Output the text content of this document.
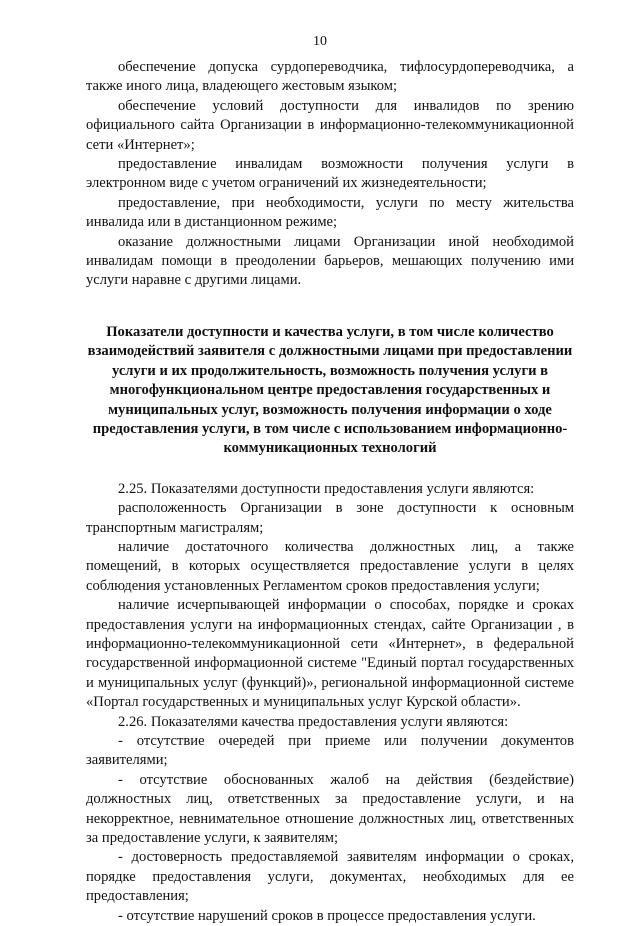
10

обеспечение допуска сурдопереводчика, тифлосурдопереводчика, а также иного лица, владеющего жестовым языком;

обеспечение условий доступности для инвалидов по зрению официального сайта Организации в информационно-телекоммуникационной сети «Интернет»;

предоставление инвалидам возможности получения услуги в электронном виде с учетом ограничений их жизнедеятельности;

предоставление, при необходимости, услуги по месту жительства инвалида или в дистанционном режиме;

оказание должностными лицами Организации иной необходимой инвалидам помощи в преодолении барьеров, мешающих получению ими услуги наравне с другими лицами.

Показатели доступности и качества услуги, в том числе количество взаимодействий заявителя с должностными лицами при предоставлении услуги и их продолжительность, возможность получения услуги в многофункциональном центре предоставления государственных и муниципальных услуг, возможность получения информации о ходе предоставления услуги, в том числе с использованием информационно-коммуникационных технологий

2.25. Показателями доступности предоставления услуги являются:

расположенность Организации в зоне доступности к основным транспортным магистралям;

наличие достаточного количества должностных лиц, а также помещений, в которых осуществляется предоставление услуги в целях соблюдения установленных Регламентом сроков предоставления услуги;

наличие исчерпывающей информации о способах, порядке и сроках предоставления услуги на информационных стендах, сайте Организации , в информационно-телекоммуникационной сети «Интернет», в федеральной государственной информационной системе "Единый портал государственных и муниципальных услуг (функций)», региональной информационной системе «Портал государственных и муниципальных услуг Курской области».

2.26. Показателями качества предоставления услуги являются:

- отсутствие очередей при приеме или получении документов заявителями;

- отсутствие обоснованных жалоб на действия (бездействие) должностных лиц, ответственных за предоставление услуги, и на некорректное, невнимательное отношение должностных лиц, ответственных за предоставление услуги, к заявителям;

- достоверность предоставляемой заявителям информации о сроках, порядке предоставления услуги, документах, необходимых для ее предоставления;

- отсутствие нарушений сроков в процессе предоставления услуги.
